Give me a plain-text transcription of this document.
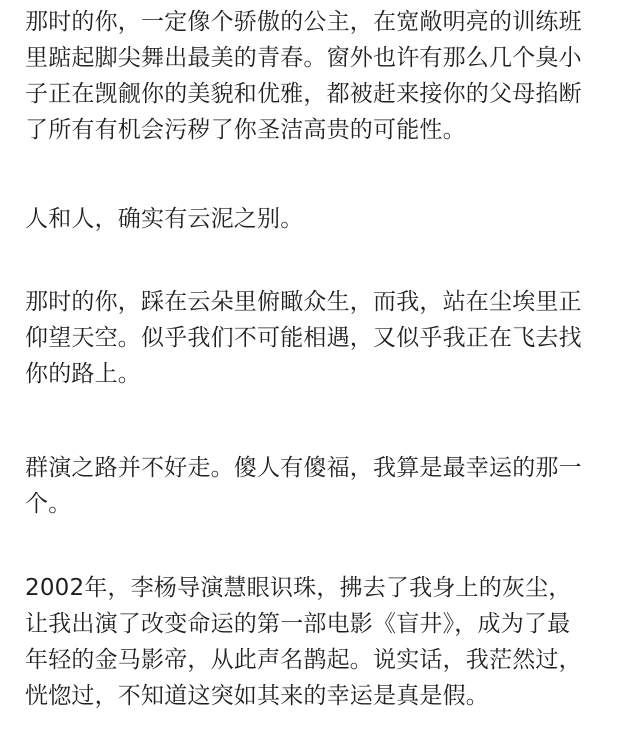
那时的你，一定像个骄傲的公主，在宽敞明亮的训练班
里踮起脚尖舞出最美的青春。窗外也许有那么几个臭小
子正在觊觎你的美貌和优雅，都被赶来接你的父母掐断
了所有有机会污秽了你圣洁高贵的可能性。
人和人，确实有云泥之别。
那时的你，踩在云朵里俯瞰众生，而我，站在尘埃里正
仰望天空。似乎我们不可能相遇，又似乎我正在飞去找
你的路上。
群演之路并不好走。傻人有傻福，我算是最幸运的那一
个。
2002年，李杨导演慧眼识珠，拂去了我身上的灰尘，
让我出演了改变命运的第一部电影《盲井》，成为了最
年轻的金马影帝，从此声名鹊起。说实话，我茫然过，
恍惚过，不知道这突如其来的幸运是真是假。
